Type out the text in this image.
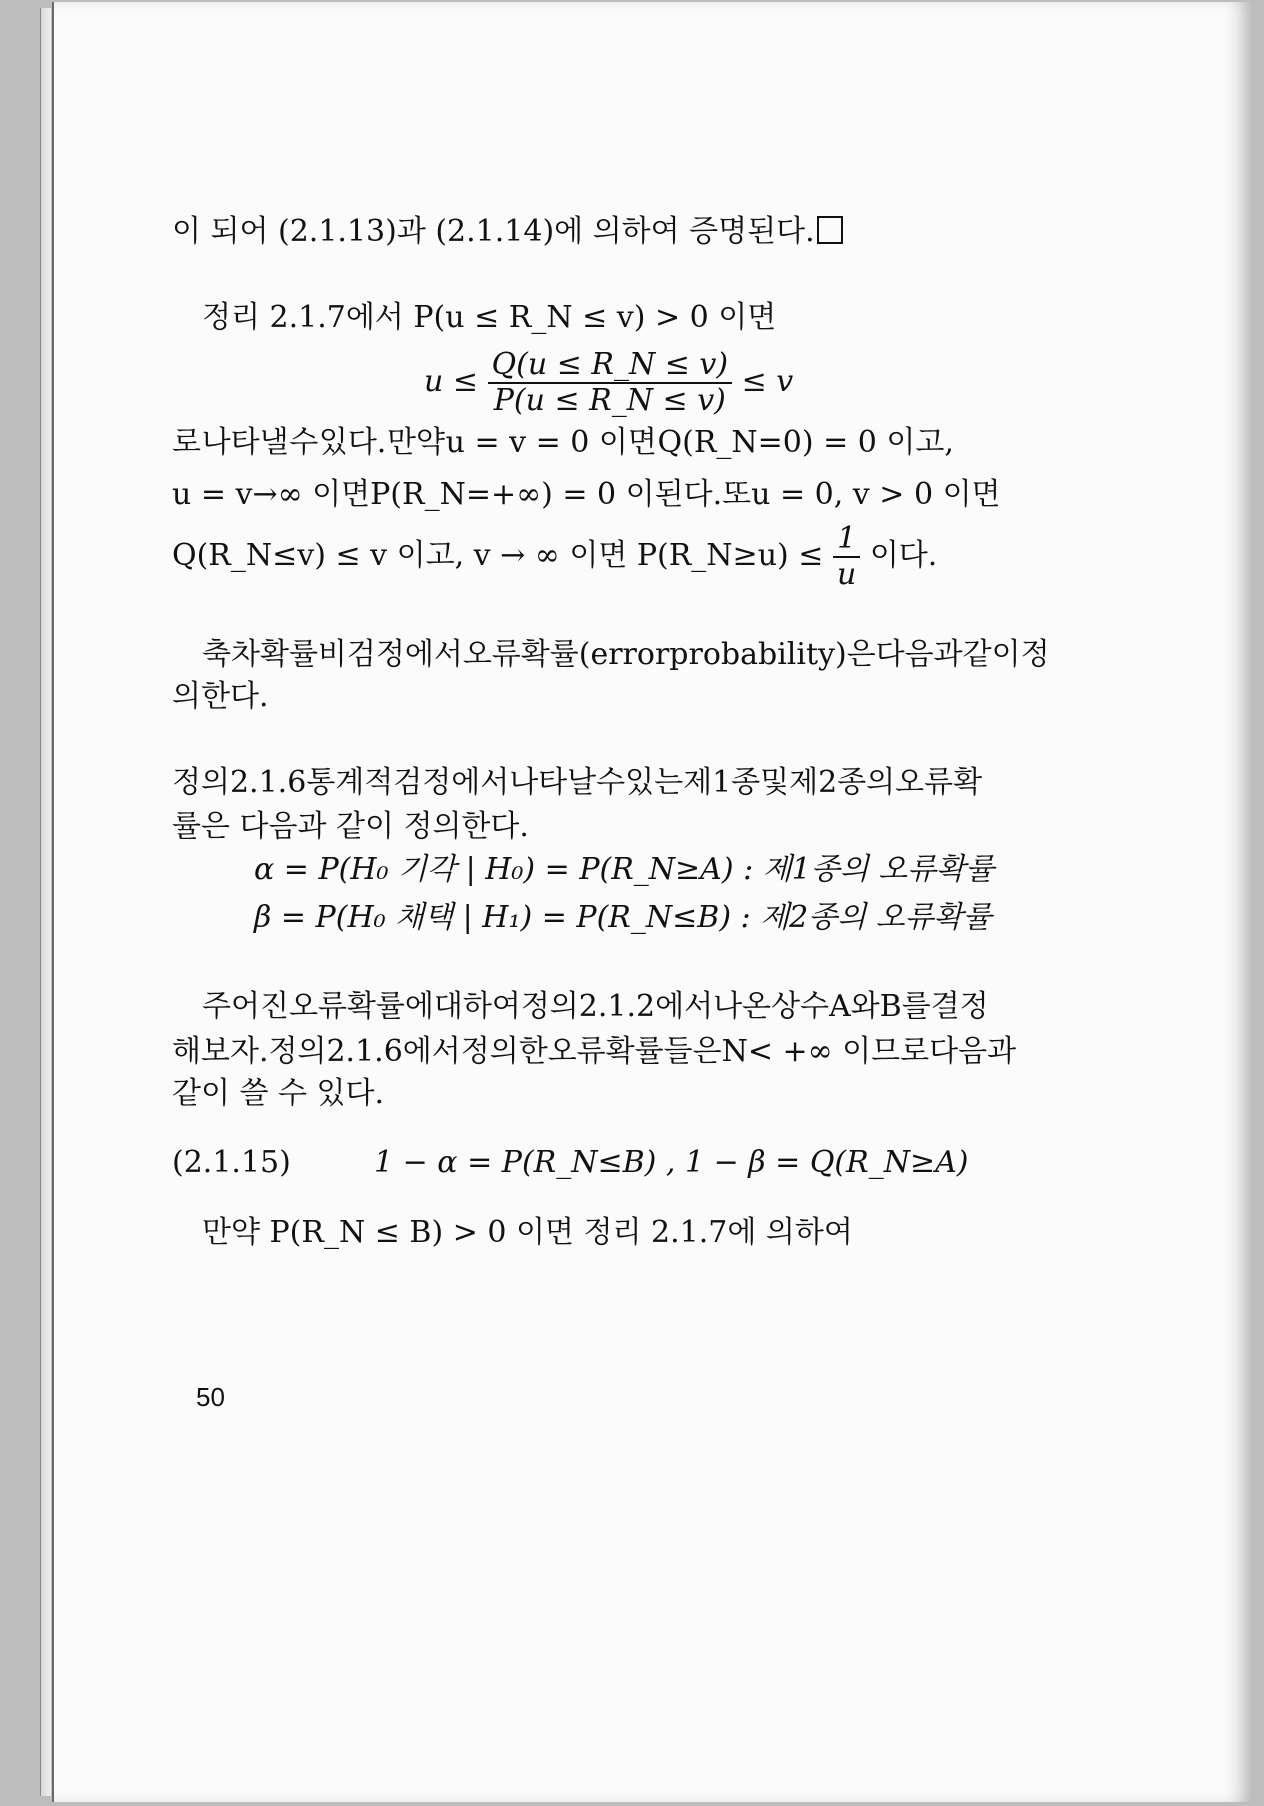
이 되어 (2.1.13)과 (2.1.14)에 의하여 증명된다.
정리 2.1.7에서 P(u ≤ R_N ≤ v) > 0 이면
$u \le \frac{Q(u \le R\_N \le v)}{P(u \le R\_N \le v)} \le v$
로 나타낼 수 있다. 만약 u = v = 0 이면 Q(R_N=0) = 0 이고,
u = v→∞ 이면 P(R_N=+∞) = 0 이 된다. 또 u = 0, v > 0 이면
Q(R_N≤v) ≤ v 이고, v → ∞ 이면 P(R_N≥u) ≤ $\frac{1}{u}$ 이다.
축차확률비 검정에서 오류확률(error probability)은 다음과 같이 정
의한다.
정의 2.1.6 통계적 검정에서 나타날 수 있는 제1종 및 제2종의 오류확
률은 다음과 같이 정의한다.
α = P(H₀ 기각 | H₀) = P(R_N≥A) : 제1종의 오류확률
β = P(H₀ 채택 | H₁) = P(R_N≤B) : 제2종의 오류확률
주어진 오류확률에 대하여 정의 2.1.2에서 나온 상수 A와 B를 결정
해 보자. 정의 2.1.6에서 정의한 오류확률들은 N< +∞ 이므로 다음과
같이 쓸 수 있다.
(2.1.15)	1 − α = P(R_N≤B) , 1 − β = Q(R_N≥A)
만약 P(R_N ≤ B) > 0 이면 정리 2.1.7에 의하여
50
